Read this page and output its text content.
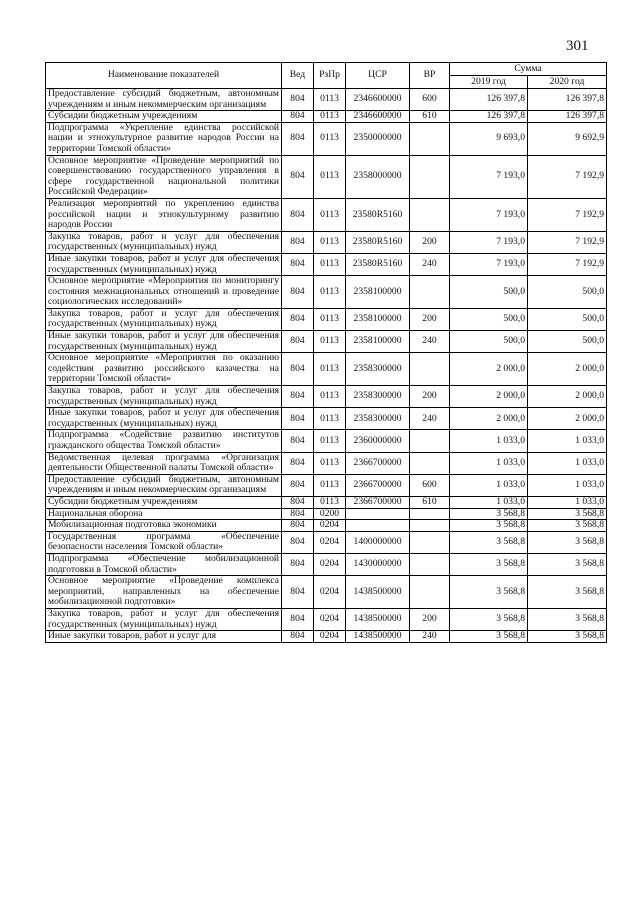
301
Наименование показателей	Вед	РзПр	ЦСР	ВР	Сумма	
					2019 год	2020 год
Предоставление субсидий бюджетным, автономным учреждениям и иным некоммерческим организациям	804	0113	2346600000	600	126 397,8	126 397,8
Субсидии бюджетным учреждениям	804	0113	2346600000	610	126 397,8	126 397,8
Подпрограмма «Укрепление единства российской нации и этнокультурное развитие народов России на территории Томской области»	804	0113	2350000000		9 693,0	9 692,9
Основное мероприятие «Проведение мероприятий по совершенствованию государственного управления в сфере государственной национальной политики Российской Федерации»	804	0113	2358000000		7 193,0	7 192,9
Реализация мероприятий по укреплению единства российской нации и этнокультурному развитию народов России	804	0113	23580R5160		7 193,0	7 192,9
Закупка товаров, работ и услуг для обеспечения государственных (муниципальных) нужд	804	0113	23580R5160	200	7 193,0	7 192,9
Иные закупки товаров, работ и услуг для обеспечения государственных (муниципальных) нужд	804	0113	23580R5160	240	7 193,0	7 192,9
Основное мероприятие «Мероприятия по мониторингу состояния межнациональных отношений и проведение социологических исследований»	804	0113	2358100000		500,0	500,0
Закупка товаров, работ и услуг для обеспечения государственных (муниципальных) нужд	804	0113	2358100000	200	500,0	500,0
Иные закупки товаров, работ и услуг для обеспечения государственных (муниципальных) нужд	804	0113	2358100000	240	500,0	500,0
Основное мероприятие «Мероприятия по оказанию содействия развитию российского казачества на территории Томской области»	804	0113	2358300000		2 000,0	2 000,0
Закупка товаров, работ и услуг для обеспечения государственных (муниципальных) нужд	804	0113	2358300000	200	2 000,0	2 000,0
Иные закупки товаров, работ и услуг для обеспечения государственных (муниципальных) нужд	804	0113	2358300000	240	2 000,0	2 000,0
Подпрограмма «Содействие развитию институтов гражданского общества Томской области»	804	0113	2360000000		1 033,0	1 033,0
Ведомственная целевая программа «Организация деятельности Общественной палаты Томской области»	804	0113	2366700000		1 033,0	1 033,0
Предоставление субсидий бюджетным, автономным учреждениям и иным некоммерческим организациям	804	0113	2366700000	600	1 033,0	1 033,0
Субсидии бюджетным учреждениям	804	0113	2366700000	610	1 033,0	1 033,0
Национальная оборона	804	0200			3 568,8	3 568,8
Мобилизационная подготовка экономики	804	0204			3 568,8	3 568,8
Государственная программа «Обеспечение безопасности населения Томской области»	804	0204	1400000000		3 568,8	3 568,8
Подпрограмма «Обеспечение мобилизационной подготовки в Томской области»	804	0204	1430000000		3 568,8	3 568,8
Основное мероприятие «Проведение комплекса мероприятий, направленных на обеспечение мобилизационной подготовки»	804	0204	1438500000		3 568,8	3 568,8
Закупка товаров, работ и услуг для обеспечения государственных (муниципальных) нужд	804	0204	1438500000	200	3 568,8	3 568,8
Иные закупки товаров, работ и услуг для	804	0204	1438500000	240	3 568,8	3 568,8
